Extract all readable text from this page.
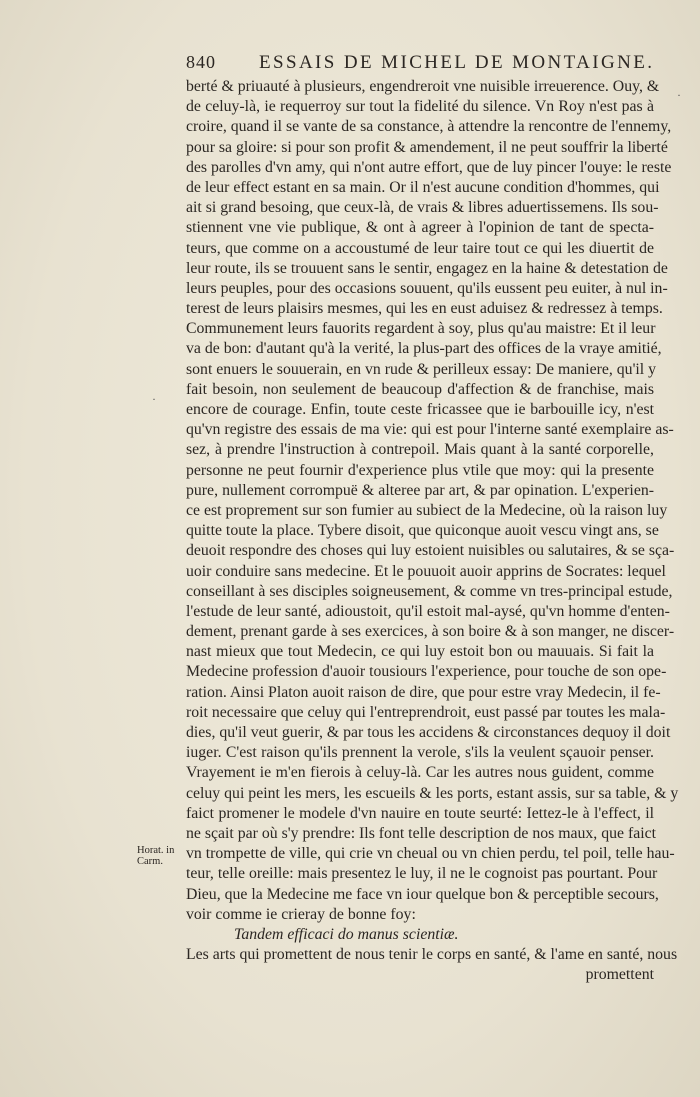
840 ESSAIS DE MICHEL DE MONTAIGNE.
berté & priuauté à plusieurs, engendreroit vne nuisible irreuerence. Ouy, &
de celuy-là, ie requerroy sur tout la fidelité du silence. Vn Roy n'est pas à
croire, quand il se vante de sa constance, à attendre la rencontre de l'ennemy,
pour sa gloire: si pour son profit & amendement, il ne peut souffrir la liberté
des parolles d'vn amy, qui n'ont autre effort, que de luy pincer l'ouye: le reste
de leur effect estant en sa main. Or il n'est aucune condition d'hommes, qui
ait si grand besoing, que ceux-là, de vrais & libres aduertissemens. Ils sou-
stiennent vne vie publique, & ont à agreer à l'opinion de tant de specta-
teurs, que comme on a accoustumé de leur taire tout ce qui les diuertit de
leur route, ils se trouuent sans le sentir, engagez en la haine & detestation de
leurs peuples, pour des occasions souuent, qu'ils eussent peu euiter, à nul in-
terest de leurs plaisirs mesmes, qui les en eust aduisez & redressez à temps.
Communement leurs fauorits regardent à soy, plus qu'au maistre: Et il leur
va de bon: d'autant qu'à la verité, la plus-part des offices de la vraye amitié,
sont enuers le souuerain, en vn rude & perilleux essay: De maniere, qu'il y
fait besoin, non seulement de beaucoup d'affection & de franchise, mais
encore de courage. Enfin, toute ceste fricassee que ie barbouille icy, n'est
qu'vn registre des essais de ma vie: qui est pour l'interne santé exemplaire as-
sez, à prendre l'instruction à contrepoil. Mais quant à la santé corporelle,
personne ne peut fournir d'experience plus vtile que moy: qui la presente
pure, nullement corrompuë & alteree par art, & par opination. L'experien-
ce est proprement sur son fumier au subiect de la Medecine, où la raison luy
quitte toute la place. Tybere disoit, que quiconque auoit vescu vingt ans, se
deuoit respondre des choses qui luy estoient nuisibles ou salutaires, & se sça-
uoir conduire sans medecine. Et le pouuoit auoir apprins de Socrates: lequel
conseillant à ses disciples soigneusement, & comme vn tres-principal estude,
l'estude de leur santé, adioustoit, qu'il estoit mal-aysé, qu'vn homme d'enten-
dement, prenant garde à ses exercices, à son boire & à son manger, ne discer-
nast mieux que tout Medecin, ce qui luy estoit bon ou mauuais. Si fait la
Medecine profession d'auoir tousiours l'experience, pour touche de son ope-
ration. Ainsi Platon auoit raison de dire, que pour estre vray Medecin, il fe-
roit necessaire que celuy qui l'entreprendroit, eust passé par toutes les mala-
dies, qu'il veut guerir, & par tous les accidens & circonstances dequoy il doit
iuger. C'est raison qu'ils prennent la verole, s'ils la veulent sçauoir penser.
Vrayement ie m'en fierois à celuy-là. Car les autres nous guident, comme
celuy qui peint les mers, les escueils & les ports, estant assis, sur sa table, & y
faict promener le modele d'vn nauire en toute seurté: Iettez-le à l'effect, il
ne sçait par où s'y prendre: Ils font telle description de nos maux, que faict
vn trompette de ville, qui crie vn cheual ou vn chien perdu, tel poil, telle hau-
teur, telle oreille: mais presentez le luy, il ne le cognoist pas pourtant. Pour
Dieu, que la Medecine me face vn iour quelque bon & perceptible secours,
voir comme ie crieray de bonne foy:
Tandem efficaci do manus scientiæ.
Les arts qui promettent de nous tenir le corps en santé, & l'ame en santé, nous
promettent
Horat. in
Carm.
·
·
